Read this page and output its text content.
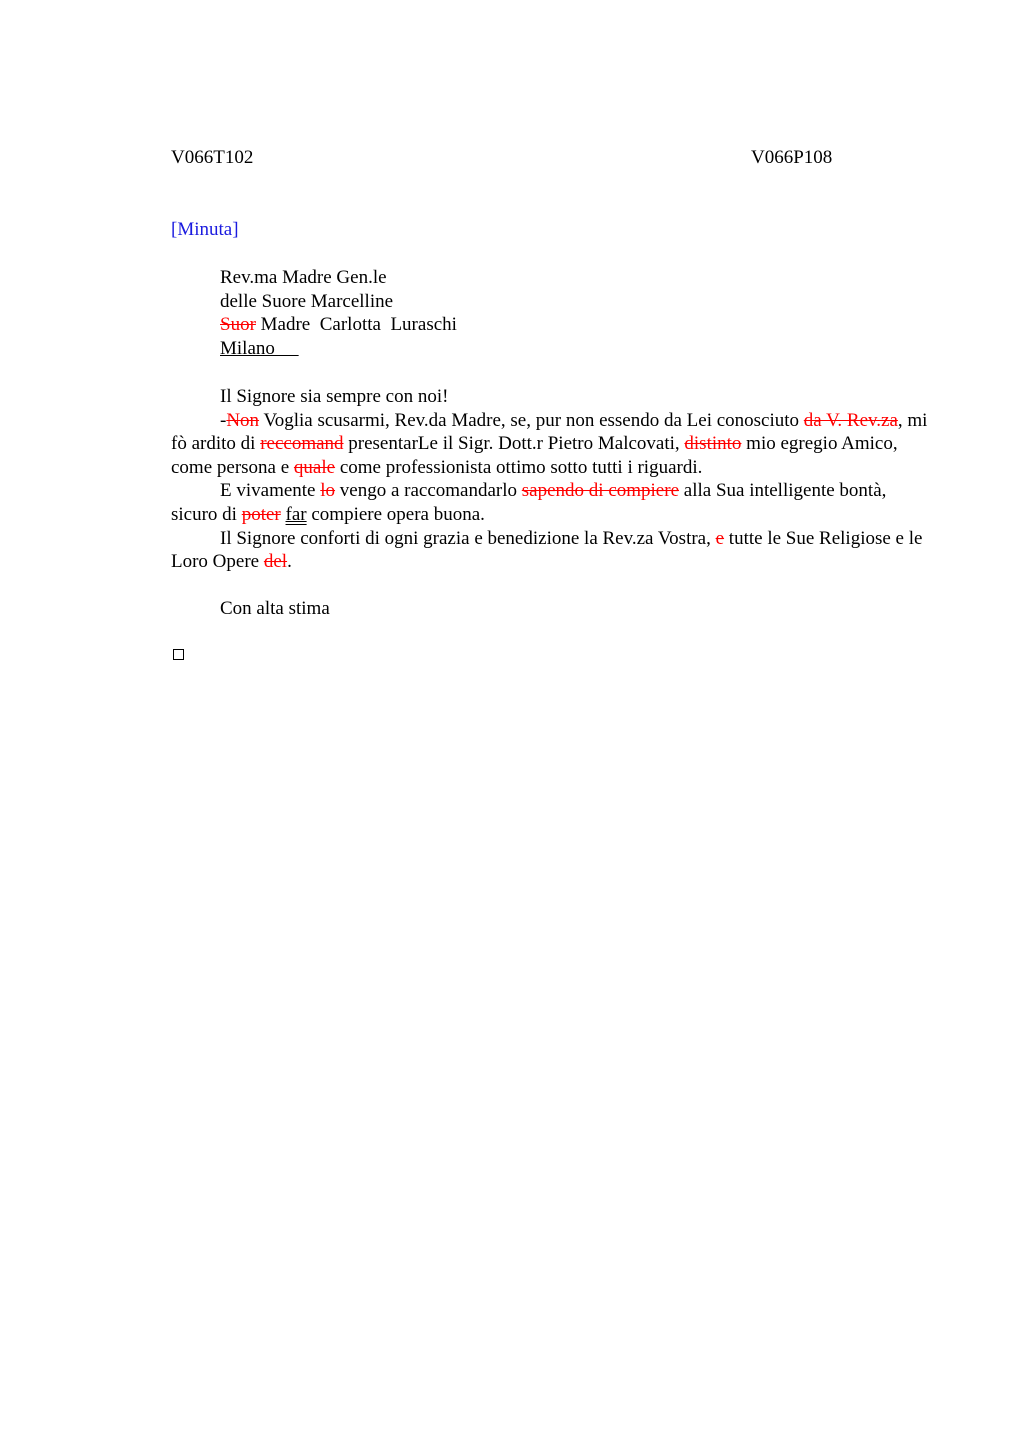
V066T102	V066P108
[Minuta]
Rev.ma Madre Gen.le
delle Suore Marcelline
Suor Madre  Carlotta  Luraschi
Milano

Il Signore sia sempre con noi!

-Non Voglia scusarmi, Rev.da Madre, se, pur non essendo da Lei conosciuto da V. Rev.za, mi fò ardito di reccomand presentarLe il Sigr. Dott.r Pietro Malcovati, distinto mio egregio Amico, come persona e quale come professionista ottimo sotto tutti i riguardi.

E vivamente lo vengo a raccomandarlo sapendo di compiere alla Sua intelligente bontà, sicuro di poter far compiere opera buona.

Il Signore conforti di ogni grazia e benedizione la Rev.za Vostra, e tutte le Sue Religiose e le Loro Opere del.

Con alta stima
